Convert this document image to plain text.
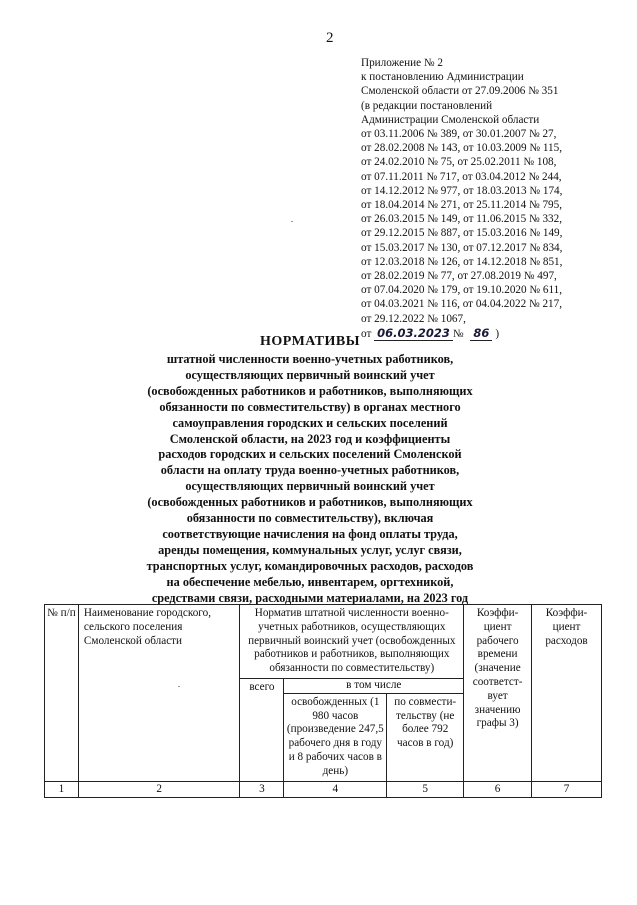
2
Приложение № 2
к постановлению Администрации
Смоленской области от 27.09.2006 № 351
(в редакции постановлений
Администрации Смоленской области
от 03.11.2006 № 389, от 30.01.2007 № 27,
от 28.02.2008 № 143, от 10.03.2009 № 115,
от 24.02.2010 № 75, от 25.02.2011 № 108,
от 07.11.2011 № 717, от 03.04.2012 № 244,
от 14.12.2012 № 977, от 18.03.2013 № 174,
от 18.04.2014 № 271, от 25.11.2014 № 795,
от 26.03.2015 № 149, от 11.06.2015 № 332,
от 29.12.2015 № 887, от 15.03.2016 № 149,
от 15.03.2017 № 130, от 07.12.2017 № 834,
от 12.03.2018 № 126, от 14.12.2018 № 851,
от 28.02.2019 № 77, от 27.08.2019 № 497,
от 07.04.2020 № 179, от 19.10.2020 № 611,
от 04.03.2021 № 116, от 04.04.2022 № 217,
от 29.12.2022 № 1067,
от 06.03.2023 № 86 )
НОРМАТИВЫ
штатной численности военно-учетных работников,
осуществляющих первичный воинский учет
(освобожденных работников и работников, выполняющих
обязанности по совместительству) в органах местного
самоуправления городских и сельских поселений
Смоленской области, на 2023 год и коэффициенты
расходов городских и сельских поселений Смоленской
области на оплату труда военно-учетных работников,
осуществляющих первичный воинский учет
(освобожденных работников и работников, выполняющих
обязанности по совместительству), включая
соответствующие начисления на фонд оплаты труда,
аренды помещения, коммунальных услуг, услуг связи,
транспортных услуг, командировочных расходов, расходов
на обеспечение мебелью, инвентарем, оргтехникой,
средствами связи, расходными материалами, на 2023 год
№ п/п	Наименование городского, сельского поселения Смоленской области	Норматив штатной численности военно-учетных работников, осуществляющих первичный воинский учет (освобожденных работников и работников, выполняющих обязанности по совместительству)			Коэффи-циент рабочего времени (значение соответст-вует значению графы 3)	Коэффи-циент расходов
		всего	в том числе			
			освобожденных (1 980 часов (произведение 247,5 рабочего дня в году и 8 рабочих часов в день)	по совмести-тельству (не более 792 часов в год)		
1	2	3	4	5	6	7
